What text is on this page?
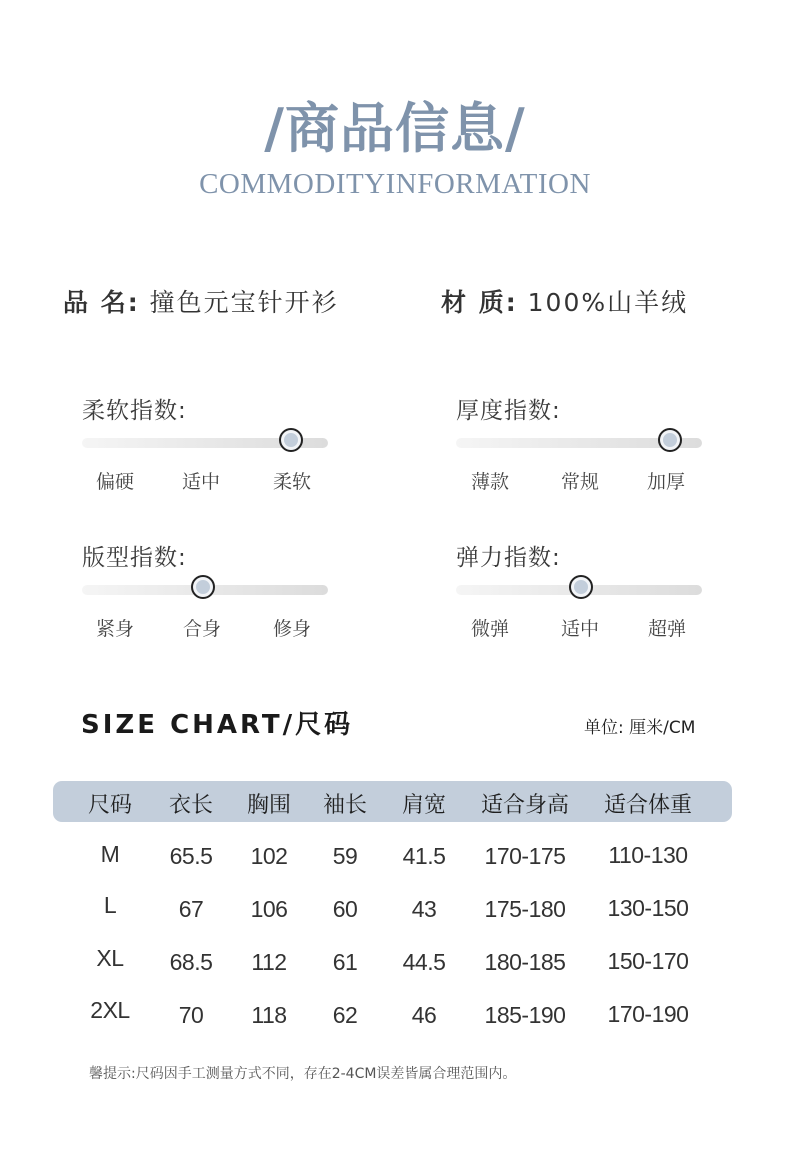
/商品信息/
COMMODITYINFORMATION
品 名: 撞色元宝针开衫	材 质: 100%山羊绒
柔软指数:
偏硬	适中	柔软
厚度指数:
薄款	常规	加厚
版型指数:
紧身	合身	修身
弹力指数:
微弹	适中	超弹
SIZE CHART/尺码	单位: 厘米/CM
尺码	衣长	胸围	袖长	肩宽	适合身高	适合体重
M	65.5	102	59	41.5	170-175	110-130
L	67	106	60	43	175-180	130-150
XL	68.5	112	61	44.5	180-185	150-170
2XL	70	118	62	46	185-190	170-190
馨提示:尺码因手工测量方式不同，存在2-4CM误差皆属合理范围内。
